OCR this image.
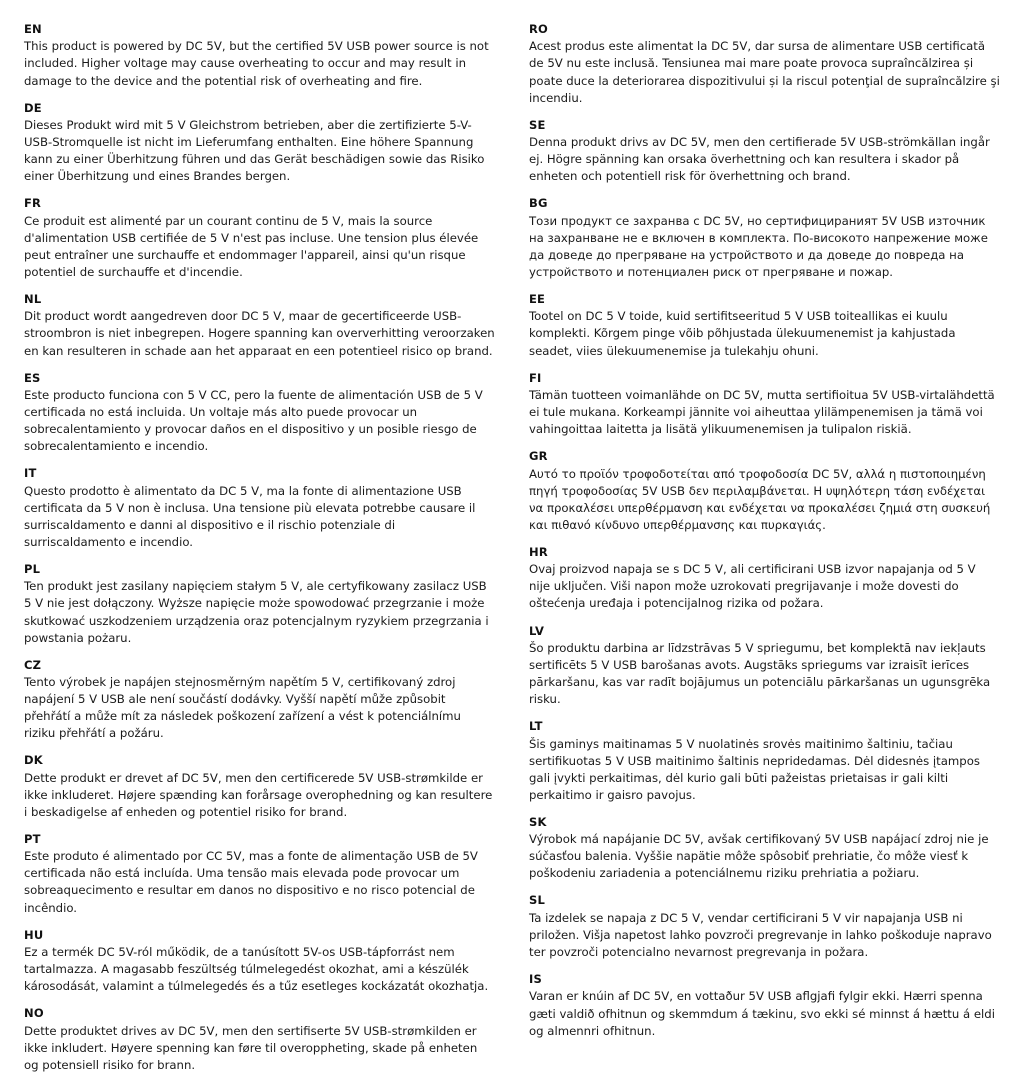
EN
This product is powered by DC 5V, but the certified 5V USB power source is not included. Higher voltage may cause overheating to occur and may result in damage to the device and the potential risk of overheating and fire.
DE
Dieses Produkt wird mit 5 V Gleichstrom betrieben, aber die zertifizierte 5-V-USB-Stromquelle ist nicht im Lieferumfang enthalten. Eine höhere Spannung kann zu einer Überhitzung führen und das Gerät beschädigen sowie das Risiko einer Überhitzung und eines Brandes bergen.
FR
Ce produit est alimenté par un courant continu de 5 V, mais la source d'alimentation USB certifiée de 5 V n'est pas incluse. Une tension plus élevée peut entraîner une surchauffe et endommager l'appareil, ainsi qu'un risque potentiel de surchauffe et d'incendie.
NL
Dit product wordt aangedreven door DC 5 V, maar de gecertificeerde USB-stroombron is niet inbegrepen. Hogere spanning kan oververhitting veroorzaken en kan resulteren in schade aan het apparaat en een potentieel risico op brand.
ES
Este producto funciona con 5 V CC, pero la fuente de alimentación USB de 5 V certificada no está incluida. Un voltaje más alto puede provocar un sobrecalentamiento y provocar daños en el dispositivo y un posible riesgo de sobrecalentamiento e incendio.
IT
Questo prodotto è alimentato da DC 5 V, ma la fonte di alimentazione USB certificata da 5 V non è inclusa. Una tensione più elevata potrebbe causare il surriscaldamento e danni al dispositivo e il rischio potenziale di surriscaldamento e incendio.
PL
Ten produkt jest zasilany napięciem stałym 5 V, ale certyfikowany zasilacz USB 5 V nie jest dołączony. Wyższe napięcie może spowodować przegrzanie i może skutkować uszkodzeniem urządzenia oraz potencjalnym ryzykiem przegrzania i powstania pożaru.
CZ
Tento výrobek je napájen stejnosměrným napětím 5 V, certifikovaný zdroj napájení 5 V USB ale není součástí dodávky. Vyšší napětí může způsobit přehřátí a může mít za následek poškození zařízení a vést k potenciálnímu riziku přehřátí a požáru.
DK
Dette produkt er drevet af DC 5V, men den certificerede 5V USB-strømkilde er ikke inkluderet. Højere spænding kan forårsage overophedning og kan resultere i beskadigelse af enheden og potentiel risiko for brand.
PT
Este produto é alimentado por CC 5V, mas a fonte de alimentação USB de 5V certificada não está incluída. Uma tensão mais elevada pode provocar um sobreaquecimento e resultar em danos no dispositivo e no risco potencial de incêndio.
HU
Ez a termék DC 5V-ról működik, de a tanúsított 5V-os USB-tápforrást nem tartalmazza. A magasabb feszültség túlmelegedést okozhat, ami a készülék károsodását, valamint a túlmelegedés és a tűz esetleges kockázatát okozhatja.
NO
Dette produktet drives av DC 5V, men den sertifiserte 5V USB-strømkilden er ikke inkludert. Høyere spenning kan føre til overoppheting, skade på enheten og potensiell risiko for brann.
RO
Acest produs este alimentat la DC 5V, dar sursa de alimentare USB certificată de 5V nu este inclusă. Tensiunea mai mare poate provoca supraîncălzirea și poate duce la deteriorarea dispozitivului și la riscul potenţial de supraîncălzire şi incendiu.
SE
Denna produkt drivs av DC 5V, men den certifierade 5V USB-strömkällan ingår ej. Högre spänning kan orsaka överhettning och kan resultera i skador på enheten och potentiell risk för överhettning och brand.
BG
Този продукт се захранва с DC 5V, но сертифицираният 5V USB източник на захранване не е включен в комплекта. По-високото напрежение може да доведе до прегряване на устройството и да доведе до повреда на устройството и потенциален риск от прегряване и пожар.
EE
Tootel on DC 5 V toide, kuid sertifitseeritud 5 V USB toiteallikas ei kuulu komplekti. Kõrgem pinge võib põhjustada ülekuumenemist ja kahjustada seadet, viies ülekuumenemise ja tulekahju ohuni.
FI
Tämän tuotteen voimanlähde on DC 5V, mutta sertifioitua 5V USB-virtalähdettä ei tule mukana. Korkeampi jännite voi aiheuttaa ylilämpenemisen ja tämä voi vahingoittaa laitetta ja lisätä ylikuumenemisen ja tulipalon riskiä.
GR
Αυτό το προϊόν τροφοδοτείται από τροφοδοσία DC 5V, αλλά η πιστοποιημένη πηγή τροφοδοσίας 5V USB δεν περιλαμβάνεται. Η υψηλότερη τάση ενδέχεται να προκαλέσει υπερθέρμανση και ενδέχεται να προκαλέσει ζημιά στη συσκευή και πιθανό κίνδυνο υπερθέρμανσης και πυρκαγιάς.
HR
Ovaj proizvod napaja se s DC 5 V, ali certificirani USB izvor napajanja od 5 V nije uključen. Viši napon može uzrokovati pregrijavanje i može dovesti do oštećenja uređaja i potencijalnog rizika od požara.
LV
Šo produktu darbina ar līdzstrāvas 5 V spriegumu, bet komplektā nav iekļauts sertificēts 5 V USB barošanas avots. Augstāks spriegums var izraisīt ierīces pārkaršanu, kas var radīt bojājumus un potenciālu pārkaršanas un ugunsgrēka risku.
LT
Šis gaminys maitinamas 5 V nuolatinės srovės maitinimo šaltiniu, tačiau sertifikuotas 5 V USB maitinimo šaltinis nepridedamas. Dėl didesnės įtampos gali įvykti perkaitimas, dėl kurio gali būti pažeistas prietaisas ir gali kilti perkaitimo ir gaisro pavojus.
SK
Výrobok má napájanie DC 5V, avšak certifikovaný 5V USB napájací zdroj nie je súčasťou balenia. Vyššie napätie môže spôsobiť prehriatie, čo môže viesť k poškodeniu zariadenia a potenciálnemu riziku prehriatia a požiaru.
SL
Ta izdelek se napaja z DC 5 V, vendar certificirani 5 V vir napajanja USB ni priložen. Višja napetost lahko povzroči pregrevanje in lahko poškoduje napravo ter povzroči potencialno nevarnost pregrevanja in požara.
IS
Varan er knúin af DC 5V, en vottaður 5V USB aflgjafi fylgir ekki. Hærri spenna gæti valdið ofhitnun og skemmdum á tækinu, svo ekki sé minnst á hættu á eldi og almennri ofhitnun.
